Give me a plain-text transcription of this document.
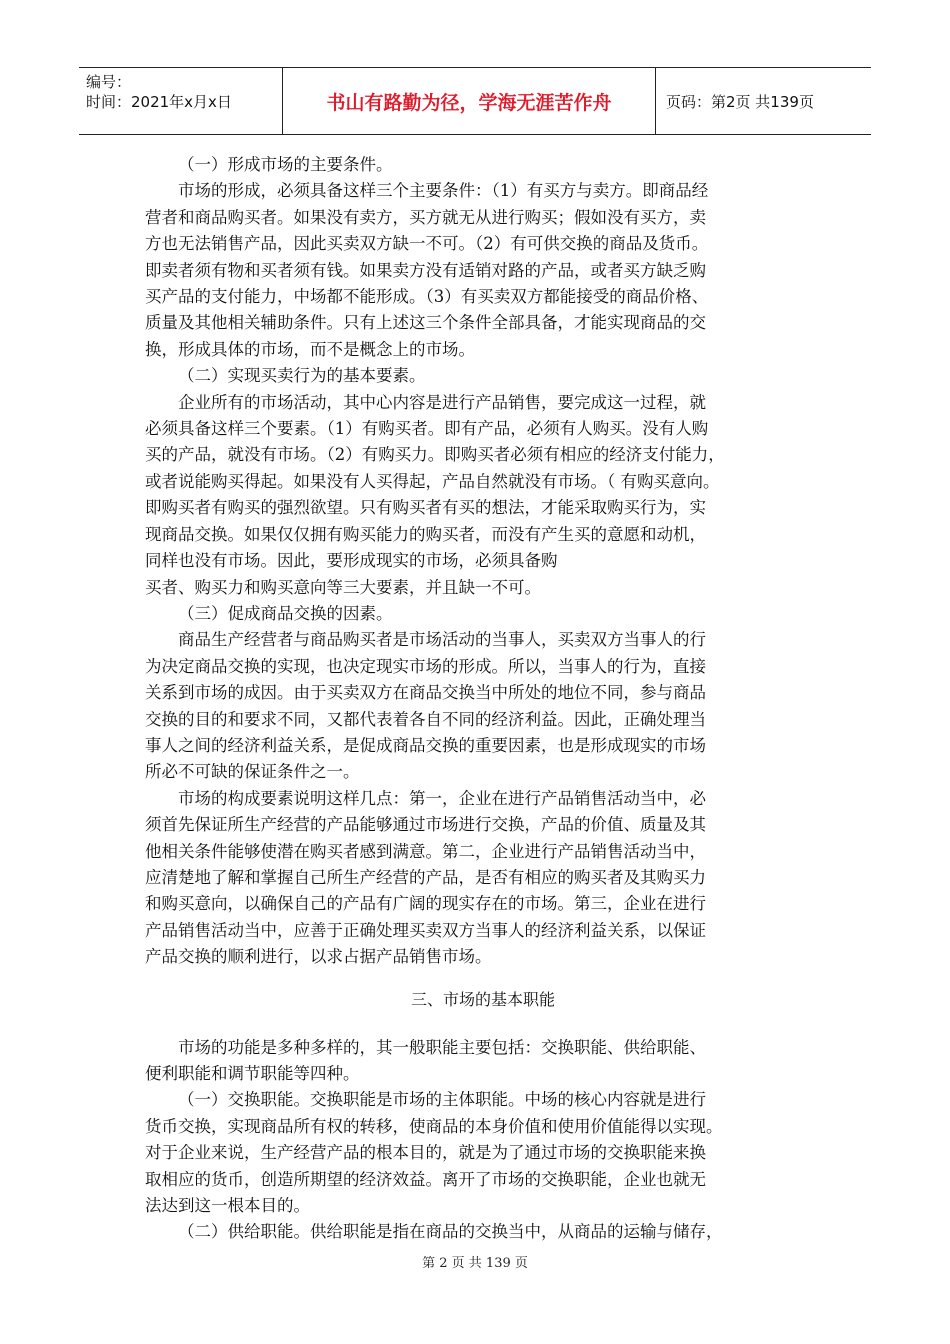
编号：
时间：2021年x月x日	书山有路勤为径，学海无涯苦作舟	页码：第2页 共139页
（一）形成市场的主要条件。
市场的形成，必须具备这样三个主要条件：（1）有买方与卖方。即商品经
营者和商品购买者。如果没有卖方，买方就无从进行购买；假如没有买方，卖
方也无法销售产品，因此买卖双方缺一不可。（2）有可供交换的商品及货币。
即卖者须有物和买者须有钱。如果卖方没有适销对路的产品，或者买方缺乏购
买产品的支付能力，中场都不能形成。（3）有买卖双方都能接受的商品价格、
质量及其他相关辅助条件。只有上述这三个条件全部具备，才能实现商品的交
换，形成具体的市场，而不是概念上的市场。
（二）实现买卖行为的基本要素。
企业所有的市场活动，其中心内容是进行产品销售，要完成这一过程，就
必须具备这样三个要素。（1）有购买者。即有产品，必须有人购买。没有人购
买的产品，就没有市场。（2）有购买力。即购买者必须有相应的经济支付能力，
或者说能购买得起。如果没有人买得起，产品自然就没有市场。（ 有购买意向。
即购买者有购买的强烈欲望。只有购买者有买的想法，才能采取购买行为，实
现商品交换。如果仅仅拥有购买能力的购买者，而没有产生买的意愿和动机，
同样也没有市场。因此，要形成现实的市场，必须具备购
买者、购买力和购买意向等三大要素，并且缺一不可。
（三）促成商品交换的因素。
商品生产经营者与商品购买者是市场活动的当事人，买卖双方当事人的行
为决定商品交换的实现，也决定现实市场的形成。所以，当事人的行为，直接
关系到市场的成因。由于买卖双方在商品交换当中所处的地位不同，参与商品
交换的目的和要求不同，又都代表着各自不同的经济利益。因此，正确处理当
事人之间的经济利益关系，是促成商品交换的重要因素，也是形成现实的市场
所必不可缺的保证条件之一。
市场的构成要素说明这样几点：第一，企业在进行产品销售活动当中，必
须首先保证所生产经营的产品能够通过市场进行交换，产品的价值、质量及其
他相关条件能够使潜在购买者感到满意。第二，企业进行产品销售活动当中，
应清楚地了解和掌握自己所生产经营的产品，是否有相应的购买者及其购买力
和购买意向，以确保自己的产品有广阔的现实存在的市场。第三，企业在进行
产品销售活动当中，应善于正确处理买卖双方当事人的经济利益关系，以保证
产品交换的顺利进行，以求占据产品销售市场。
三、市场的基本职能
市场的功能是多种多样的，其一般职能主要包括：交换职能、供给职能、
便利职能和调节职能等四种。
（一）交换职能。交换职能是市场的主体职能。中场的核心内容就是进行
货币交换，实现商品所有权的转移，使商品的本身价值和使用价值能得以实现。
对于企业来说，生产经营产品的根本目的，就是为了通过市场的交换职能来换
取相应的货币，创造所期望的经济效益。离开了市场的交换职能，企业也就无
法达到这一根本目的。
（二）供给职能。供给职能是指在商品的交换当中，从商品的运输与储存，
第 2 页 共 139 页
